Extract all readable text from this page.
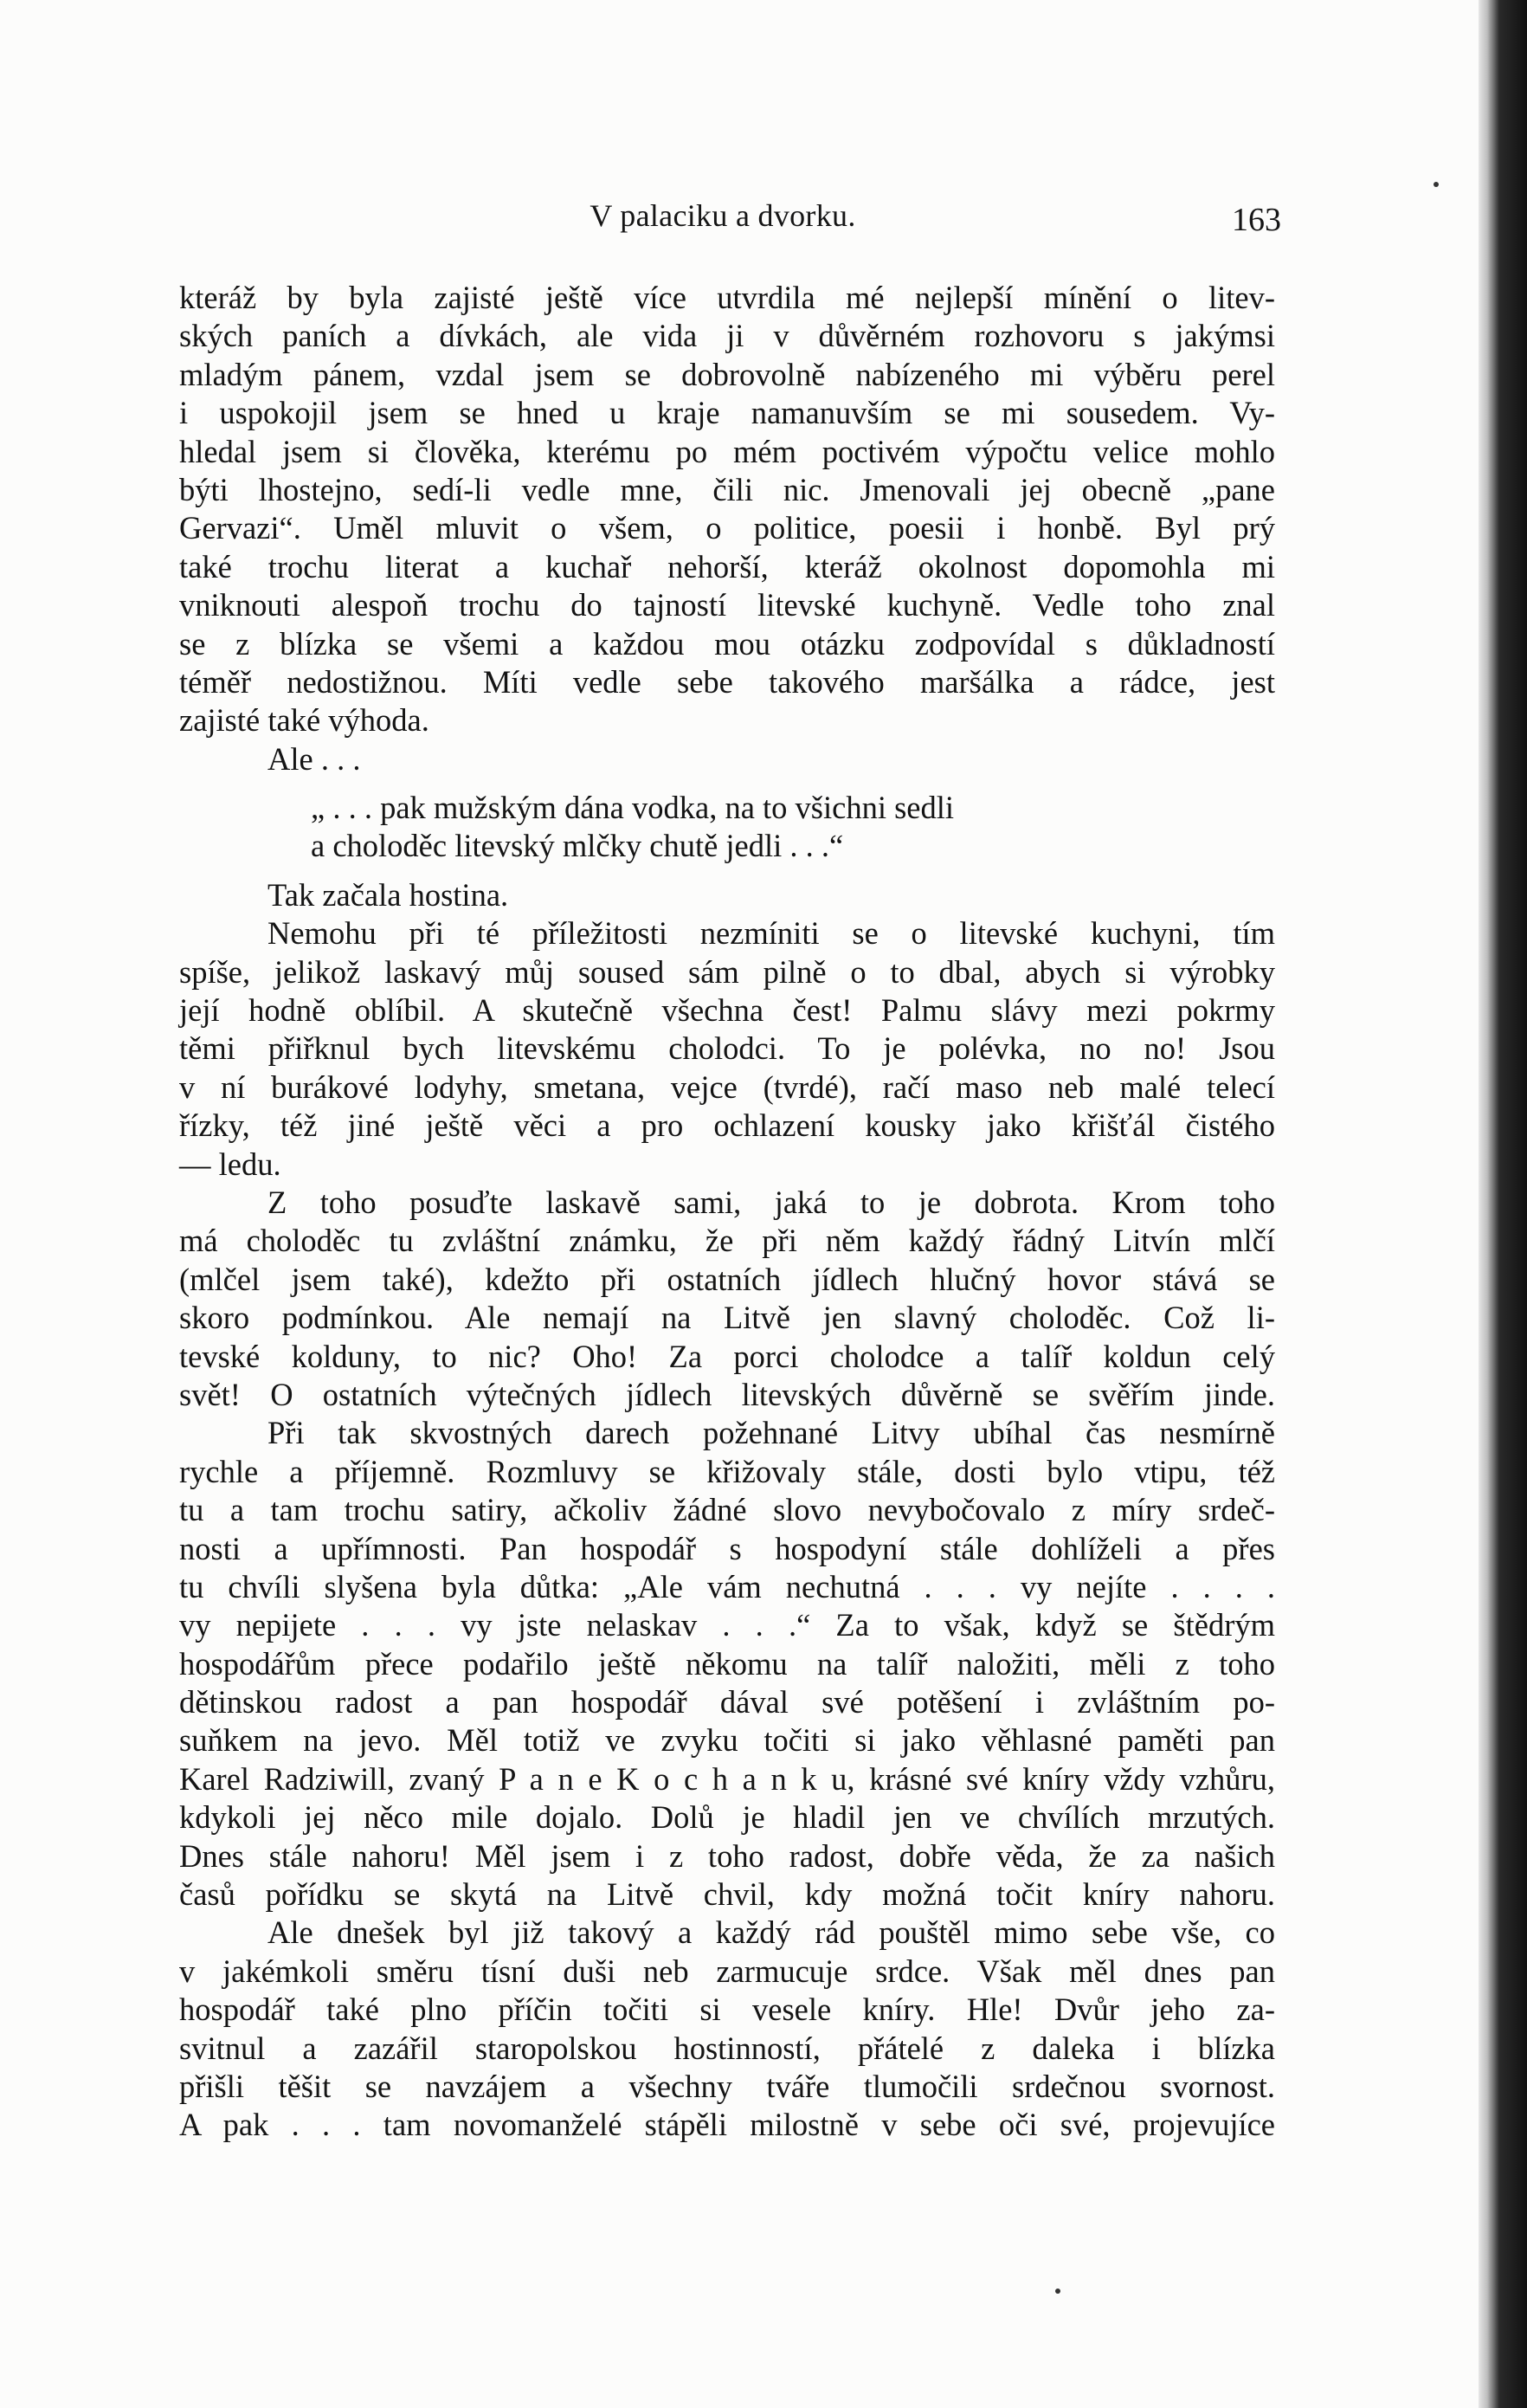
V palaciku a dvorku.	163
kteráž by byla zajisté ještě více utvrdila mé nejlepší mínění o litev-
ských paních a dívkách, ale vida ji v důvěrném rozhovoru s jakýmsi
mladým pánem, vzdal jsem se dobrovolně nabízeného mi výběru perel
i uspokojil jsem se hned u kraje namanuvším se mi sousedem. Vy-
hledal jsem si člověka, kterému po mém poctivém výpočtu velice mohlo
býti lhostejno, sedí-li vedle mne, čili nic. Jmenovali jej obecně „pane
Gervazi“. Uměl mluvit o všem, o politice, poesii i honbě. Byl prý
také trochu literat a kuchař nehorší, kteráž okolnost dopomohla mi
vniknouti alespoň trochu do tajností litevské kuchyně. Vedle toho znal
se z blízka se všemi a každou mou otázku zodpovídal s důkladností
téměř nedostižnou. Míti vedle sebe takového maršálka a rádce, jest
zajisté také výhoda.
Ale . . .
„ . . . pak mužským dána vodka, na to všichni sedli
a choloděc litevský mlčky chutě jedli . . .“
Tak začala hostina.
Nemohu při té příležitosti nezmíniti se o litevské kuchyni, tím
spíše, jelikož laskavý můj soused sám pilně o to dbal, abych si výrobky
její hodně oblíbil. A skutečně všechna čest! Palmu slávy mezi pokrmy
těmi přiřknul bych litevskému cholodci. To je polévka, no no! Jsou
v ní burákové lodyhy, smetana, vejce (tvrdé), račí maso neb malé telecí
řízky, též jiné ještě věci a pro ochlazení kousky jako křišťál čistého
— ledu.
Z toho posuďte laskavě sami, jaká to je dobrota. Krom toho
má choloděc tu zvláštní známku, že při něm každý řádný Litvín mlčí
(mlčel jsem také), kdežto při ostatních jídlech hlučný hovor stává se
skoro podmínkou. Ale nemají na Litvě jen slavný choloděc. Což li-
tevské kolduny, to nic? Oho! Za porci cholodce a talíř koldun celý
svět! O ostatních výtečných jídlech litevských důvěrně se svěřím jinde.
Při tak skvostných darech požehnané Litvy ubíhal čas nesmírně
rychle a příjemně. Rozmluvy se křižovaly stále, dosti bylo vtipu, též
tu a tam trochu satiry, ačkoliv žádné slovo nevybočovalo z míry srdeč-
nosti a upřímnosti. Pan hospodář s hospodyní stále dohlíželi a přes
tu chvíli slyšena byla důtka: „Ale vám nechutná . . . vy nejíte . . . .
vy nepijete . . . vy jste nelaskav . . .“ Za to však, když se štědrým
hospodářům přece podařilo ještě někomu na talíř naložiti, měli z toho
dětinskou radost a pan hospodář dával své potěšení i zvláštním po-
suňkem na jevo. Měl totiž ve zvyku točiti si jako věhlasné paměti pan
Karel Radziwill, zvaný P a n e K o c h a n k u, krásné své kníry vždy vzhůru,
kdykoli jej něco mile dojalo. Dolů je hladil jen ve chvílích mrzutých.
Dnes stále nahoru! Měl jsem i z toho radost, dobře věda, že za našich
časů pořídku se skytá na Litvě chvil, kdy možná točit kníry nahoru.
Ale dnešek byl již takový a každý rád pouštěl mimo sebe vše, co
v jakémkoli směru tísní duši neb zarmucuje srdce. Však měl dnes pan
hospodář také plno příčin točiti si vesele kníry. Hle! Dvůr jeho za-
svitnul a zazářil staropolskou hostinností, přátelé z daleka i blízka
přišli těšit se navzájem a všechny tváře tlumočili srdečnou svornost.
A pak . . . tam novomanželé stápěli milostně v sebe oči své, projevujíce
